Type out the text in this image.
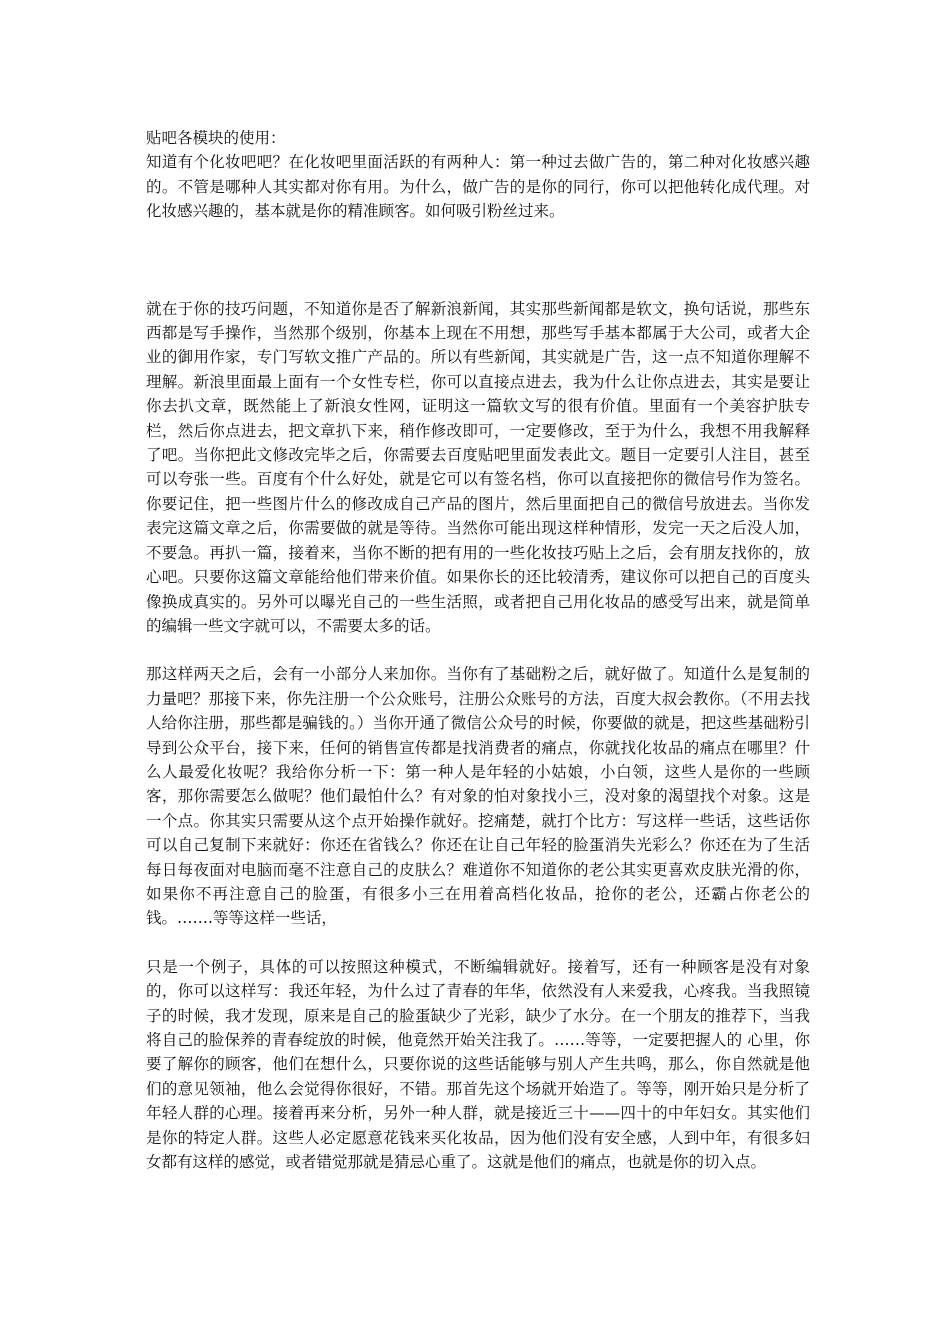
贴吧各模块的使用：

知道有个化妆吧吧？在化妆吧里面活跃的有两种人：第一种过去做广告的，第二种对化妆感兴趣的。不管是哪种人其实都对你有用。为什么，做广告的是你的同行，你可以把他转化成代理。对化妆感兴趣的，基本就是你的精准顾客。如何吸引粉丝过来。

就在于你的技巧问题，不知道你是否了解新浪新闻，其实那些新闻都是软文，换句话说，那些东西都是写手操作，当然那个级别，你基本上现在不用想，那些写手基本都属于大公司，或者大企业的御用作家，专门写软文推广产品的。所以有些新闻，其实就是广告，这一点不知道你理解不理解。新浪里面最上面有一个女性专栏，你可以直接点进去，我为什么让你点进去，其实是要让你去扒文章，既然能上了新浪女性网，证明这一篇软文写的很有价值。里面有一个美容护肤专栏，然后你点进去，把文章扒下来，稍作修改即可，一定要修改，至于为什么，我想不用我解释了吧。当你把此文修改完毕之后，你需要去百度贴吧里面发表此文。题目一定要引人注目，甚至可以夸张一些。百度有个什么好处，就是它可以有签名档，你可以直接把你的微信号作为签名。你要记住，把一些图片什么的修改成自己产品的图片，然后里面把自己的微信号放进去。当你发表完这篇文章之后，你需要做的就是等待。当然你可能出现这样种情形，发完一天之后没人加，不要急。再扒一篇，接着来，当你不断的把有用的一些化妆技巧贴上之后，会有朋友找你的，放心吧。只要你这篇文章能给他们带来价值。如果你长的还比较清秀，建议你可以把自己的百度头像换成真实的。另外可以曝光自己的一些生活照，或者把自己用化妆品的感受写出来，就是简单的编辑一些文字就可以，不需要太多的话。

那这样两天之后，会有一小部分人来加你。当你有了基础粉之后，就好做了。知道什么是复制的力量吧？那接下来，你先注册一个公众账号，注册公众账号的方法，百度大叔会教你。（不用去找人给你注册，那些都是骗钱的。）当你开通了微信公众号的时候，你要做的就是，把这些基础粉引导到公众平台，接下来，任何的销售宣传都是找消费者的痛点，你就找化妆品的痛点在哪里？什么人最爱化妆呢？我给你分析一下：第一种人是年轻的小姑娘，小白领，这些人是你的一些顾客，那你需要怎么做呢？他们最怕什么？有对象的怕对象找小三，没对象的渴望找个对象。这是一个点。你其实只需要从这个点开始操作就好。挖痛楚，就打个比方：写这样一些话，这些话你可以自己复制下来就好：你还在省钱么？你还在让自己年轻的脸蛋消失光彩么？你还在为了生活每日每夜面对电脑而毫不注意自己的皮肤么？难道你不知道你的老公其实更喜欢皮肤光滑的你，如果你不再注意自己的脸蛋，有很多小三在用着高档化妆品，抢你的老公，还霸占你老公的钱。…….等等这样一些话，

只是一个例子，具体的可以按照这种模式，不断编辑就好。接着写，还有一种顾客是没有对象的，你可以这样写：我还年轻，为什么过了青春的年华，依然没有人来爱我，心疼我。当我照镜子的时候，我才发现，原来是自己的脸蛋缺少了光彩，缺少了水分。在一个朋友的推荐下，当我将自己的脸保养的青春绽放的时候，他竟然开始关注我了。……等等，一定要把握人的 心里，你要了解你的顾客，他们在想什么，只要你说的这些话能够与别人产生共鸣，那么，你自然就是他们的意见领袖，他么会觉得你很好，不错。那首先这个场就开始造了。等等，刚开始只是分析了年轻人群的心理。接着再来分析，另外一种人群，就是接近三十——四十的中年妇女。其实他们是你的特定人群。这些人必定愿意花钱来买化妆品，因为他们没有安全感，人到中年，有很多妇女都有这样的感觉，或者错觉那就是猜忌心重了。这就是他们的痛点，也就是你的切入点。
